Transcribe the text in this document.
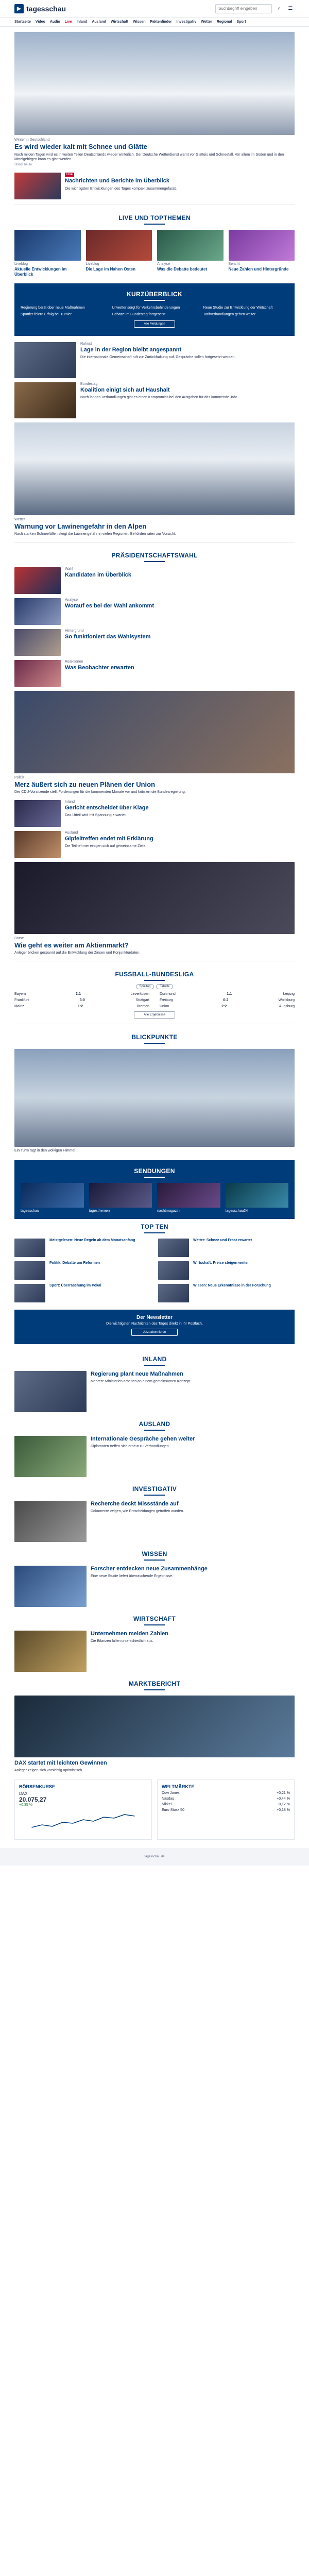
▶ tagesschau
Suchbegriff eingeben	⌕	☰
Startseite Video Audio Live Inland Ausland Wirtschaft Wissen Faktenfinder Investigativ Wetter Regional Sport
Winter in Deutschland
Es wird wieder kalt mit Schnee und Glätte
Nach milden Tagen wird es in weiten Teilen Deutschlands wieder winterlich. Der Deutsche Wetterdienst warnt vor Glatteis und Schneefall. Vor allem im Süden und in den Mittelgebirgen kann es glatt werden.
Stand: heute
Live
Nachrichten und Berichte im Überblick
Die wichtigsten Entwicklungen des Tages kompakt zusammengefasst.
LIVE UND TOPTHEMEN
Liveblog
Aktuelle Entwicklungen im Überblick
Liveblog
Die Lage im Nahen Osten
Analyse
Was die Debatte bedeutet
Bericht
Neue Zahlen und Hintergründe
KURZÜBERBLICK
Regierung berät über neue Maßnahmen	Unwetter sorgt für Verkehrsbehinderungen	Neue Studie zur Entwicklung der Wirtschaft
Sportler feiern Erfolg bei Turnier	Debatte im Bundestag fortgesetzt	Tarifverhandlungen gehen weiter
Alle Meldungen
Nahost
Lage in der Region bleibt angespannt
Die internationale Gemeinschaft ruft zur Zurückhaltung auf. Gespräche sollen fortgesetzt werden.
Bundestag
Koalition einigt sich auf Haushalt
Nach langen Verhandlungen gibt es einen Kompromiss bei den Ausgaben für das kommende Jahr.
Wetter
Warnung vor Lawinengefahr in den Alpen
Nach starken Schneefällen steigt die Lawinengefahr in vielen Regionen. Behörden raten zur Vorsicht.
PRÄSIDENTSCHAFTSWAHL
Wahl
Kandidaten im Überblick
Analyse
Worauf es bei der Wahl ankommt
Hintergrund
So funktioniert das Wahlsystem
Reaktionen
Was Beobachter erwarten
Politik
Merz äußert sich zu neuen Plänen der Union
Der CDU-Vorsitzende stellt Forderungen für die kommenden Monate vor und kritisiert die Bundesregierung.
Inland
Gericht entscheidet über Klage
Das Urteil wird mit Spannung erwartet.
Ausland
Gipfeltreffen endet mit Erklärung
Die Teilnehmer einigen sich auf gemeinsame Ziele.
Börse
Wie geht es weiter am Aktienmarkt?
Anleger blicken gespannt auf die Entwicklung der Zinsen und Konjunkturdaten.
FUSSBALL-BUNDESLIGA
Spieltag	Tabelle
Bayern	2:1	Leverkusen	Dortmund	1:1	Leipzig
Frankfurt	3:0	Stuttgart	Freiburg	0:2	Wolfsburg
Mainz	1:2	Bremen	Union	2:2	Augsburg
Alle Ergebnisse
BLICKPUNKTE
Ein Turm ragt in den wolkigen Himmel
SENDUNGEN
tagesschau	tagesthemen	nachtmagazin	tagesschau24
TOP TEN
Meistgelesen: Neue Regeln ab dem Monatsanfang	Wetter: Schnee und Frost erwartet
Politik: Debatte um Reformen	Wirtschaft: Preise steigen weiter
Sport: Überraschung im Pokal	Wissen: Neue Erkenntnisse in der Forschung
Der Newsletter
Die wichtigsten Nachrichten des Tages direkt in Ihr Postfach.
Jetzt abonnieren
INLAND
Regierung plant neue Maßnahmen
Mehrere Ministerien arbeiten an einem gemeinsamen Konzept.
AUSLAND
Internationale Gespräche gehen weiter
Diplomaten treffen sich erneut zu Verhandlungen.
INVESTIGATIV
Recherche deckt Missstände auf
Dokumente zeigen, wie Entscheidungen getroffen wurden.
WISSEN
Forscher entdecken neue Zusammenhänge
Eine neue Studie liefert überraschende Ergebnisse.
WIRTSCHAFT
Unternehmen melden Zahlen
Die Bilanzen fallen unterschiedlich aus.
MARKTBERICHT
DAX startet mit leichten Gewinnen
Anleger zeigen sich vorsichtig optimistisch.
BÖRSENKURSE
DAX
20.075,27
+0,35 %
WELTMÄRKTE
Dow Jones	+0,21 %
Nasdaq	+0,44 %
Nikkei	-0,12 %
Euro Stoxx 50	+0,18 %
tagesschau.de
